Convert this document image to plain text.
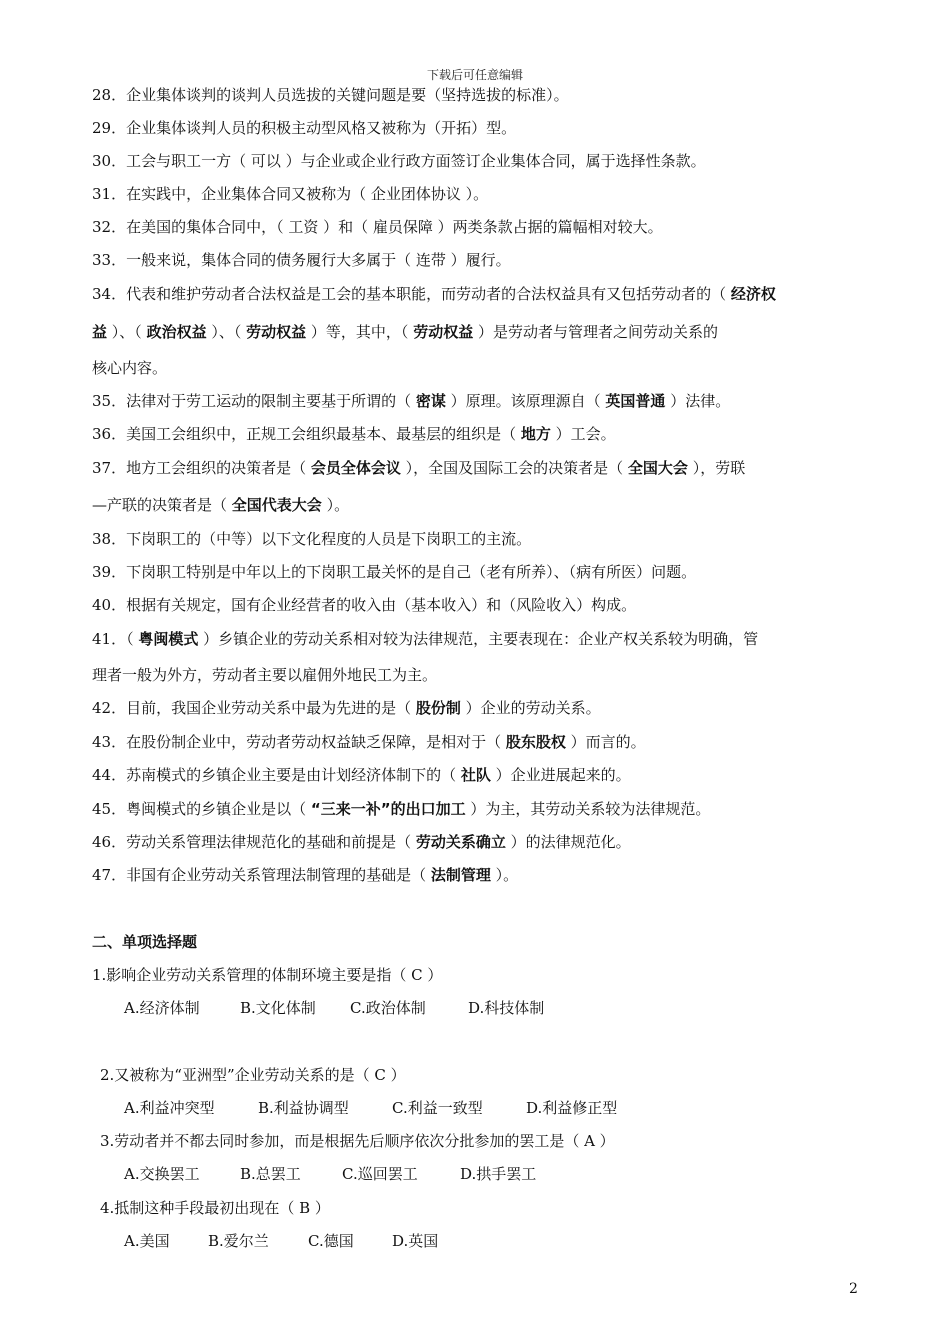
下载后可任意编辑
28．企业集体谈判的谈判人员选拔的关键问题是要（坚持选拔的标准）。
29．企业集体谈判人员的积极主动型风格又被称为（开拓）型。
30．工会与职工一方（ 可以 ）与企业或企业行政方面签订企业集体合同，属于选择性条款。
31．在实践中，企业集体合同又被称为（ 企业团体协议 ）。
32．在美国的集体合同中，（ 工资 ）和（ 雇员保障 ）两类条款占据的篇幅相对较大。
33．一般来说，集体合同的债务履行大多属于（ 连带 ）履行。
34．代表和维护劳动者合法权益是工会的基本职能，而劳动者的合法权益具有又包括劳动者的（ 经济权
益 ）、（ 政治权益 ）、（ 劳动权益 ）等，其中，（ 劳动权益 ）是劳动者与管理者之间劳动关系的
核心内容。
35．法律对于劳工运动的限制主要基于所谓的（ 密谋 ）原理。该原理源自（ 英国普通 ）法律。
36．美国工会组织中，正规工会组织最基本、最基层的组织是（ 地方 ）工会。
37．地方工会组织的决策者是（ 会员全体会议 ），全国及国际工会的决策者是（ 全国大会 ），劳联
—产联的决策者是（ 全国代表大会 ）。
38．下岗职工的（中等）以下文化程度的人员是下岗职工的主流。
39．下岗职工特别是中年以上的下岗职工最关怀的是自己（老有所养）、（病有所医）问题。
40．根据有关规定，国有企业经营者的收入由（基本收入）和（风险收入）构成。
41．（ 粤闽模式 ）乡镇企业的劳动关系相对较为法律规范，主要表现在：企业产权关系较为明确，管
理者一般为外方，劳动者主要以雇佣外地民工为主。
42．目前，我国企业劳动关系中最为先进的是（ 股份制 ）企业的劳动关系。
43．在股份制企业中，劳动者劳动权益缺乏保障，是相对于（ 股东股权 ）而言的。
44．苏南模式的乡镇企业主要是由计划经济体制下的（ 社队 ）企业进展起来的。
45．粤闽模式的乡镇企业是以（ “三来一补”的出口加工 ）为主，其劳动关系较为法律规范。
46．劳动关系管理法律规范化的基础和前提是（ 劳动关系确立 ）的法律规范化。
47．非国有企业劳动关系管理法制管理的基础是（ 法制管理 ）。
二、单项选择题
1.影响企业劳动关系管理的体制环境主要是指（ C ）
A.经济体制	B.文化体制 C.政治体制	D.科技体制
2.又被称为“亚洲型”企业劳动关系的是（ C ）
A.利益冲突型	B.利益协调型	C.利益一致型	D.利益修正型
3.劳动者并不都去同时参加，而是根据先后顺序依次分批参加的罢工是（ A ）
A.交换罢工	B.总罢工	C.巡回罢工	D.拱手罢工
4.抵制这种手段最初出现在（ B ）
A.美国	B.爱尔兰	C.德国	D.英国
2
